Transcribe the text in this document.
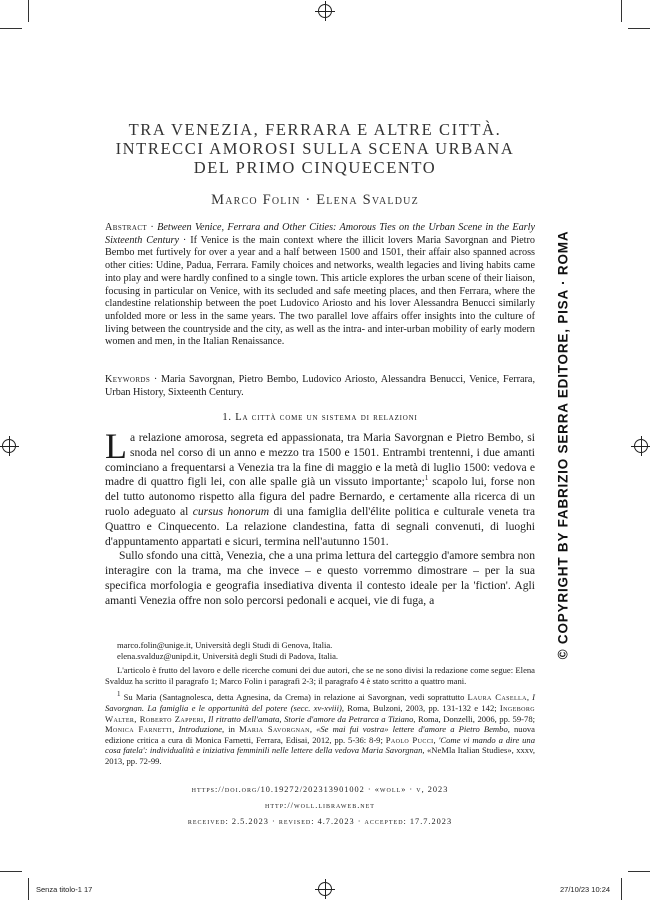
TRA VENEZIA, FERRARA E ALTRE CITTÀ.
INTRECCI AMOROSI SULLA SCENA URBANA
DEL PRIMO CINQUECENTO
Marco Folin · Elena Svalduz
Abstract · Between Venice, Ferrara and Other Cities: Amorous Ties on the Urban Scene in the Early Sixteenth Century · If Venice is the main context where the illicit lovers Maria Savorgnan and Pietro Bembo met furtively for over a year and a half between 1500 and 1501, their affair also spanned across other cities: Udine, Padua, Ferrara. Family choices and networks, wealth legacies and living habits came into play and were hardly confined to a single town. This article explores the urban scene of their liaison, focusing in particular on Venice, with its secluded and safe meeting places, and then Ferrara, where the clandestine relationship between the poet Ludovico Ariosto and his lover Alessandra Benucci similarly unfolded more or less in the same years. The two parallel love affairs offer insights into the culture of living between the countryside and the city, as well as the intra- and inter-urban mobility of early modern women and men, in the Italian Renaissance.
Keywords · Maria Savorgnan, Pietro Bembo, Ludovico Ariosto, Alessandra Benucci, Venice, Ferrara, Urban History, Sixteenth Century.
1. La città come un sistema di relazioni

La relazione amorosa, segreta ed appassionata, tra Maria Savorgnan e Pietro Bembo, si snoda nel corso di un anno e mezzo tra 1500 e 1501. Entrambi trentenni, i due amanti cominciano a frequentarsi a Venezia tra la fine di maggio e la metà di luglio 1500: vedova e madre di quattro figli lei, con alle spalle già un vissuto importante;$^1$ scapolo lui, forse non del tutto autonomo rispetto alla figura del padre Bernardo, e certamente alla ricerca di un ruolo adeguato al cursus honorum di una famiglia dell'élite politica e culturale veneta tra Quattro e Cinquecento. La relazione clandestina, fatta di segnali convenuti, di luoghi d'appuntamento appartati e sicuri, termina nell'autunno 1501.

Sullo sfondo una città, Venezia, che a una prima lettura del carteggio d'amore sembra non interagire con la trama, ma che invece – e questo vorremmo dimostrare – per la sua specifica morfologia e geografia insediativa diventa il contesto ideale per la 'fiction'. Agli amanti Venezia offre non solo percorsi pedonali e acquei, vie di fuga, a

marco.folin@unige.it, Università degli Studi di Genova, Italia.

elena.svalduz@unipd.it, Università degli Studi di Padova, Italia.

L'articolo è frutto del lavoro e delle ricerche comuni dei due autori, che se ne sono divisi la redazione come segue: Elena Svalduz ha scritto il paragrafo 1; Marco Folin i paragrafi 2-3; il paragrafo 4 è stato scritto a quattro mani.

$^1$ Su Maria (Santagnolesca, detta Agnesina, da Crema) in relazione ai Savorgnan, vedi soprattutto Laura Casella, I Savorgnan. La famiglia e le opportunità del potere (secc. xv-xviii), Roma, Bulzoni, 2003, pp. 131-132 e 142; Ingeborg Walter, Roberto Zapperi, Il ritratto dell'amata, Storie d'amore da Petrarca a Tiziano, Roma, Donzelli, 2006, pp. 59-78; Monica Farnetti, Introduzione, in Maria Savorgnan, «Se mai fui vostra» lettere d'amore a Pietro Bembo, nuova edizione critica a cura di Monica Farnetti, Ferrara, Edisai, 2012, pp. 5-36: 8-9; Paolo Pucci, 'Come vi mando a dire una cosa fatela': individualità e iniziativa femminili nelle lettere della vedova Maria Savorgnan, «NeMla Italian Studies», xxxv, 2013, pp. 72-99.

https://doi.org/10.19272/202313901002 · «woll» · v, 2023
http://woll.libraweb.net
received: 2.5.2023 · revised: 4.7.2023 · accepted: 17.7.2023
© COPYRIGHT BY FABRIZIO SERRA EDITORE, PISA · ROMA
Senza titolo-1 17	27/10/23 10:24
